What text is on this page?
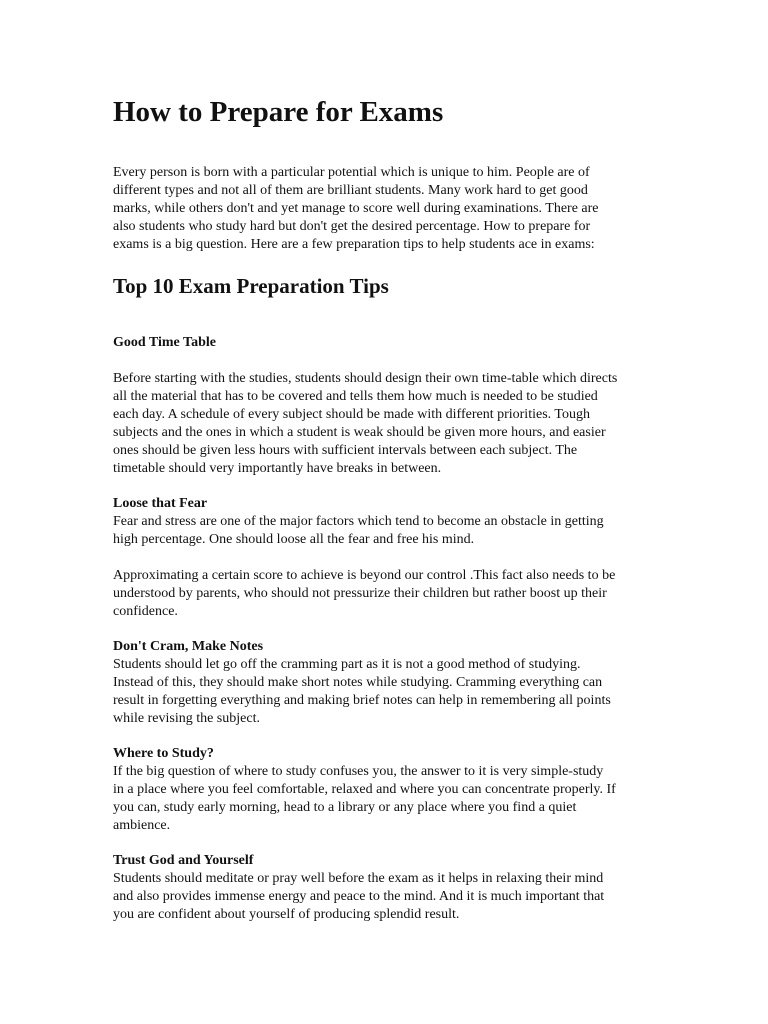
How to Prepare for Exams
Every person is born with a particular potential which is unique to him. People are of
different types and not all of them are brilliant students. Many work hard to get good
marks, while others don't and yet manage to score well during examinations. There are
also students who study hard but don't get the desired percentage. How to prepare for
exams is a big question. Here are a few preparation tips to help students ace in exams:
Top 10 Exam Preparation Tips
Good Time Table
Before starting with the studies, students should design their own time-table which directs
all the material that has to be covered and tells them how much is needed to be studied
each day. A schedule of every subject should be made with different priorities. Tough
subjects and the ones in which a student is weak should be given more hours, and easier
ones should be given less hours with sufficient intervals between each subject. The
timetable should very importantly have breaks in between.
Loose that Fear
Fear and stress are one of the major factors which tend to become an obstacle in getting
high percentage. One should loose all the fear and free his mind.
Approximating a certain score to achieve is beyond our control .This fact also needs to be
understood by parents, who should not pressurize their children but rather boost up their
confidence.
Don't Cram, Make Notes
Students should let go off the cramming part as it is not a good method of studying.
Instead of this, they should make short notes while studying. Cramming everything can
result in forgetting everything and making brief notes can help in remembering all points
while revising the subject.
Where to Study?
If the big question of where to study confuses you, the answer to it is very simple-study
in a place where you feel comfortable, relaxed and where you can concentrate properly. If
you can, study early morning, head to a library or any place where you find a quiet
ambience.
Trust God and Yourself
Students should meditate or pray well before the exam as it helps in relaxing their mind
and also provides immense energy and peace to the mind. And it is much important that
you are confident about yourself of producing splendid result.
